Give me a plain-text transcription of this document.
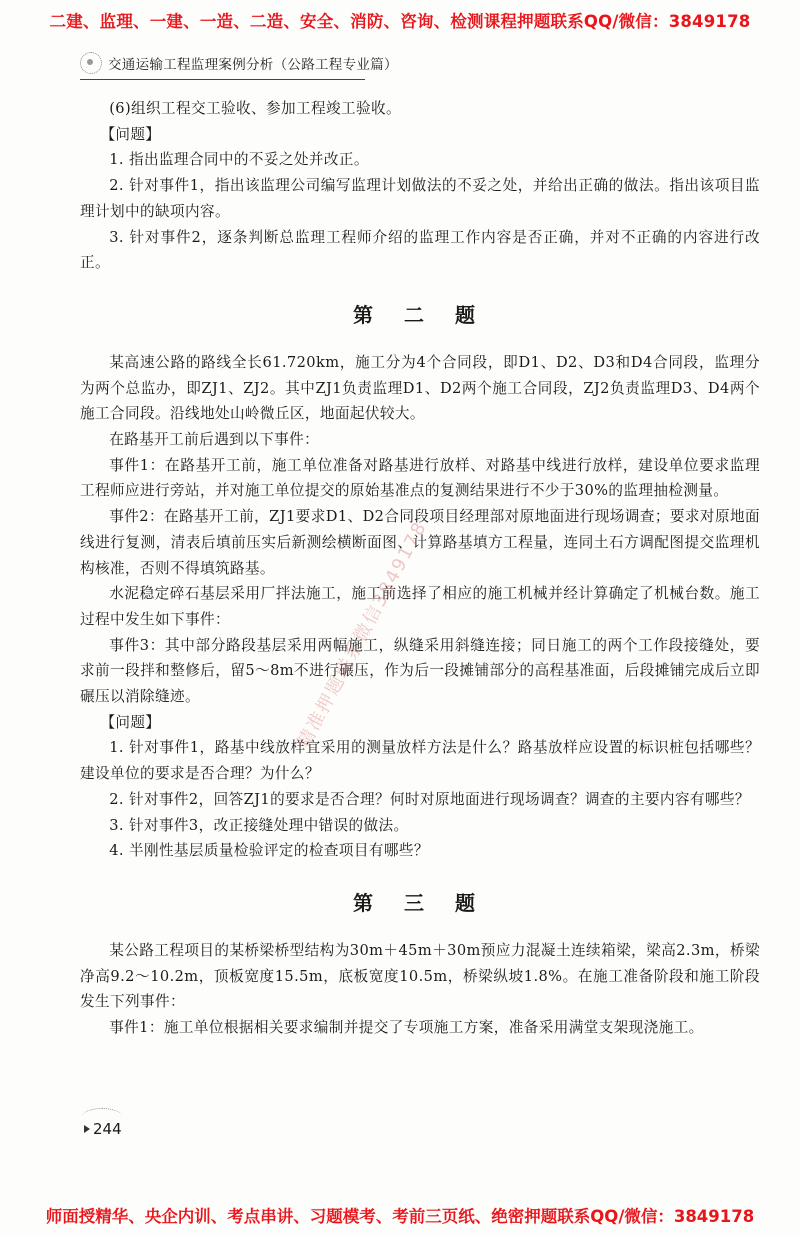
二建、监理、一建、一造、二造、安全、消防、咨询、检测课程押题联系QQ/微信：3849178
交通运输工程监理案例分析（公路工程专业篇）

(6)组织工程交工验收、参加工程竣工验收。

【问题】

1. 指出监理合同中的不妥之处并改正。

2. 针对事件1，指出该监理公司编写监理计划做法的不妥之处，并给出正确的做法。指出该项目监理计划中的缺项内容。

3. 针对事件2，逐条判断总监理工程师介绍的监理工作内容是否正确，并对不正确的内容进行改正。

第 二 题

某高速公路的路线全长61.720km，施工分为4个合同段，即D1、D2、D3和D4合同段，监理分为两个总监办，即ZJ1、ZJ2。其中ZJ1负责监理D1、D2两个施工合同段，ZJ2负责监理D3、D4两个施工合同段。沿线地处山岭微丘区，地面起伏较大。

在路基开工前后遇到以下事件：

事件1：在路基开工前，施工单位准备对路基进行放样、对路基中线进行放样，建设单位要求监理工程师应进行旁站，并对施工单位提交的原始基准点的复测结果进行不少于30%的监理抽检测量。

事件2：在路基开工前，ZJ1要求D1、D2合同段项目经理部对原地面进行现场调查；要求对原地面线进行复测，清表后填前压实后新测绘横断面图、计算路基填方工程量，连同土石方调配图提交监理机构核准，否则不得填筑路基。

水泥稳定碎石基层采用厂拌法施工，施工前选择了相应的施工机械并经计算确定了机械台数。施工过程中发生如下事件：

事件3：其中部分路段基层采用两幅施工，纵缝采用斜缝连接；同日施工的两个工作段接缝处，要求前一段拌和整修后，留5～8m不进行碾压，作为后一段摊铺部分的高程基准面，后段摊铺完成后立即碾压以消除缝迹。

【问题】

1. 针对事件1，路基中线放样宜采用的测量放样方法是什么？路基放样应设置的标识桩包括哪些？建设单位的要求是否合理？为什么？

2. 针对事件2，回答ZJ1的要求是否合理？何时对原地面进行现场调查？调查的主要内容有哪些？

3. 针对事件3，改正接缝处理中错误的做法。

4. 半刚性基层质量检验评定的检查项目有哪些？

第 三 题

某公路工程项目的某桥梁桥型结构为30m＋45m＋30m预应力混凝土连续箱梁，梁高2.3m，桥梁净高9.2～10.2m，顶板宽度15.5m，底板宽度10.5m，桥梁纵坡1.8%。在施工准备阶段和施工阶段发生下列事件：

事件1：施工单位根据相关要求编制并提交了专项施工方案，准备采用满堂支架现浇施工。

精准押题联系微信3849178
244
师面授精华、央企内训、考点串讲、习题模考、考前三页纸、绝密押题联系QQ/微信：3849178
